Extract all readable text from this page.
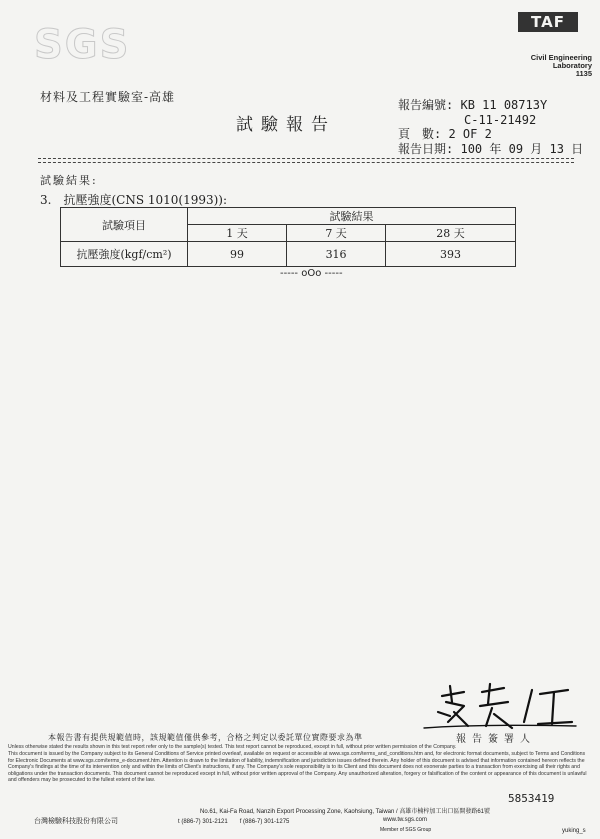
SGS	TAF
Civil Engineering
Laboratory
1135
材料及工程實驗室-高雄
試驗報告
報告編號: KB 11 08713Y
C-11-21492
頁　數: 2 OF 2
報告日期: 100 年 09 月 13 日
試驗結果:
3.　抗壓強度(CNS 1010(1993)):
試驗項目	試驗結果		
	1 天	7 天	28 天
抗壓強度(kgf/cm²)	99	316	393
----- oOo -----
報告簽署人
本報告書有提供規範值時，該規範值僅供參考，合格之判定以委託單位實際要求為準
Unless otherwise stated the results shown in this test report refer only to the sample(s) tested. This test report cannot be reproduced, except in full, without prior written permission of the Company.
This document is issued by the Company subject to its General Conditions of Service printed overleaf, available on request or accessible at www.sgs.com/terms_and_conditions.htm and, for electronic format documents, subject to Terms and Conditions for Electronic Documents at www.sgs.com/terms_e-document.htm. Attention is drawn to the limitation of liability, indemnification and jurisdiction issues defined therein. Any holder of this document is advised that information contained hereon reflects the Company's findings at the time of its intervention only and within the limits of Client's instructions, if any. The Company's sole responsibility is to its Client and this document does not exonerate parties to a transaction from exercising all their rights and obligations under the transaction documents. This document cannot be reproduced except in full, without prior written approval of the Company. Any unauthorized alteration, forgery or falsification of the content or appearance of this document is unlawful and offenders may be prosecuted to the fullest extent of the law.
5853419
台灣檢驗科技股份有限公司
No.61, Kai-Fa Road, Nanzih Export Processing Zone, Kaohsiung, Taiwan / 高雄市楠梓加工出口區開發路61號
t (886-7) 301-2121　　f (886-7) 301-1275	www.tw.sgs.com
Member of SGS Group	yuking_s
